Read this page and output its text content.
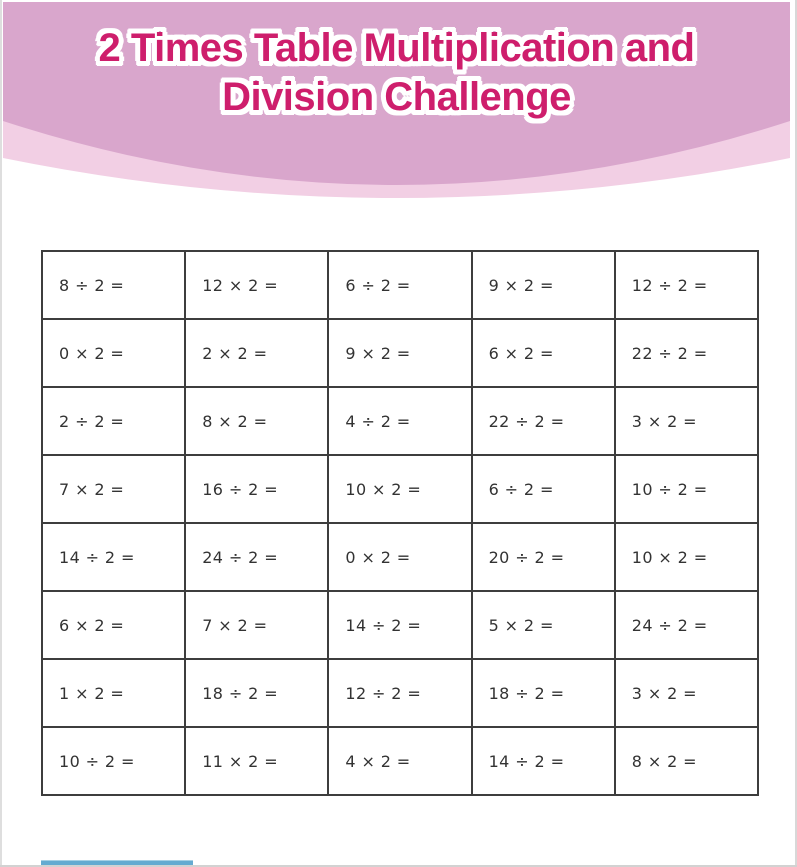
2 Times Table Multiplication and
Division Challenge
8 ÷ 2 =	12 × 2 =	6 ÷ 2 =	9 × 2 =	12 ÷ 2 =
0 × 2 =	2 × 2 =	9 × 2 =	6 × 2 =	22 ÷ 2 =
2 ÷ 2 =	8 × 2 =	4 ÷ 2 =	22 ÷ 2 =	3 × 2 =
7 × 2 =	16 ÷ 2 =	10 × 2 =	6 ÷ 2 =	10 ÷ 2 =
14 ÷ 2 =	24 ÷ 2 =	0 × 2 =	20 ÷ 2 =	10 × 2 =
6 × 2 =	7 × 2 =	14 ÷ 2 =	5 × 2 =	24 ÷ 2 =
1 × 2 =	18 ÷ 2 =	12 ÷ 2 =	18 ÷ 2 =	3 × 2 =
10 ÷ 2 =	11 × 2 =	4 × 2 =	14 ÷ 2 =	8 × 2 =
